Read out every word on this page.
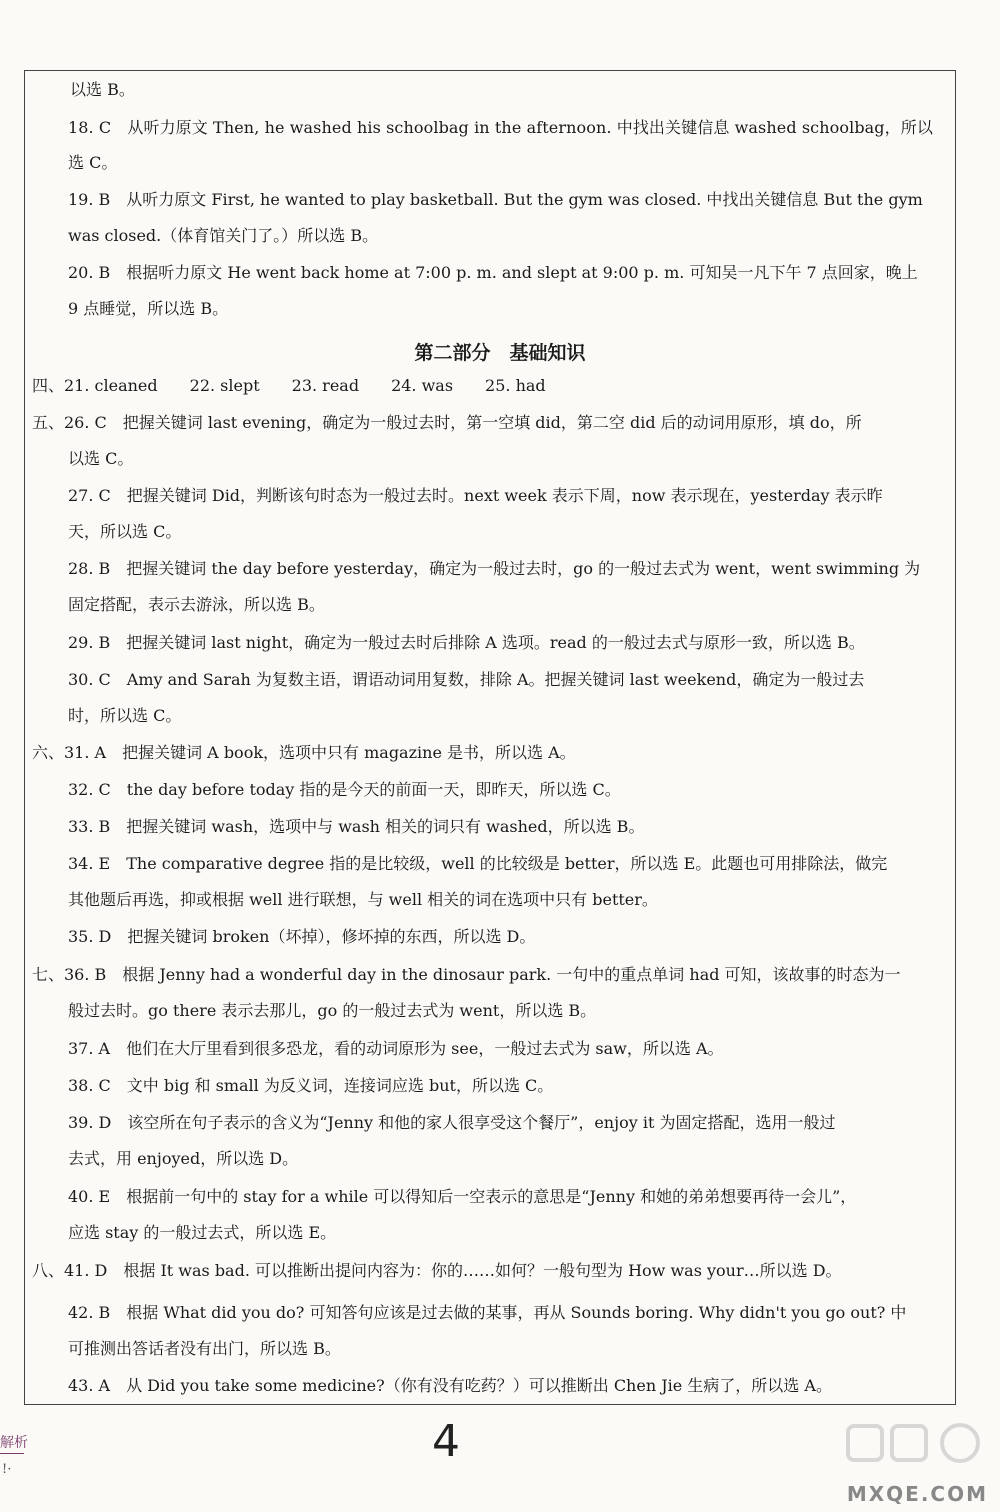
以选 B。
18. C　从听力原文 Then, he washed his schoolbag in the afternoon. 中找出关键信息 washed schoolbag，所以
选 C。
19. B　从听力原文 First, he wanted to play basketball. But the gym was closed. 中找出关键信息 But the gym
was closed.（体育馆关门了。）所以选 B。
20. B　根据听力原文 He went back home at 7:00 p. m. and slept at 9:00 p. m. 可知吴一凡下午 7 点回家，晚上
9 点睡觉，所以选 B。
第二部分　基础知识
四、21. cleaned　　22. slept　　23. read　　24. was　　25. had
五、26. C　把握关键词 last evening，确定为一般过去时，第一空填 did，第二空 did 后的动词用原形，填 do，所
以选 C。
27. C　把握关键词 Did，判断该句时态为一般过去时。next week 表示下周，now 表示现在，yesterday 表示昨
天，所以选 C。
28. B　把握关键词 the day before yesterday，确定为一般过去时，go 的一般过去式为 went，went swimming 为
固定搭配，表示去游泳，所以选 B。
29. B　把握关键词 last night，确定为一般过去时后排除 A 选项。read 的一般过去式与原形一致，所以选 B。
30. C　Amy and Sarah 为复数主语，谓语动词用复数，排除 A。把握关键词 last weekend，确定为一般过去
时，所以选 C。
六、31. A　把握关键词 A book，选项中只有 magazine 是书，所以选 A。
32. C　the day before today 指的是今天的前面一天，即昨天，所以选 C。
33. B　把握关键词 wash，选项中与 wash 相关的词只有 washed，所以选 B。
34. E　The comparative degree 指的是比较级，well 的比较级是 better，所以选 E。此题也可用排除法，做完
其他题后再选，抑或根据 well 进行联想，与 well 相关的词在选项中只有 better。
35. D　把握关键词 broken（坏掉），修坏掉的东西，所以选 D。
七、36. B　根据 Jenny had a wonderful day in the dinosaur park. 一句中的重点单词 had 可知，该故事的时态为一
般过去时。go there 表示去那儿，go 的一般过去式为 went，所以选 B。
37. A　他们在大厅里看到很多恐龙，看的动词原形为 see，一般过去式为 saw，所以选 A。
38. C　文中 big 和 small 为反义词，连接词应选 but，所以选 C。
39. D　该空所在句子表示的含义为“Jenny 和他的家人很享受这个餐厅”，enjoy it 为固定搭配，选用一般过
去式，用 enjoyed，所以选 D。
40. E　根据前一句中的 stay for a while 可以得知后一空表示的意思是“Jenny 和她的弟弟想要再待一会儿”，
应选 stay 的一般过去式，所以选 E。
八、41. D　根据 It was bad. 可以推断出提问内容为：你的……如何？一般句型为 How was your…所以选 D。
42. B　根据 What did you do? 可知答句应该是过去做的某事，再从 Sounds boring. Why didn't you go out? 中
可推测出答话者没有出门，所以选 B。
43. A　从 Did you take some medicine?（你有没有吃药？）可以推断出 Chen Jie 生病了，所以选 A。
解析
!·
4
MXQE.COM
